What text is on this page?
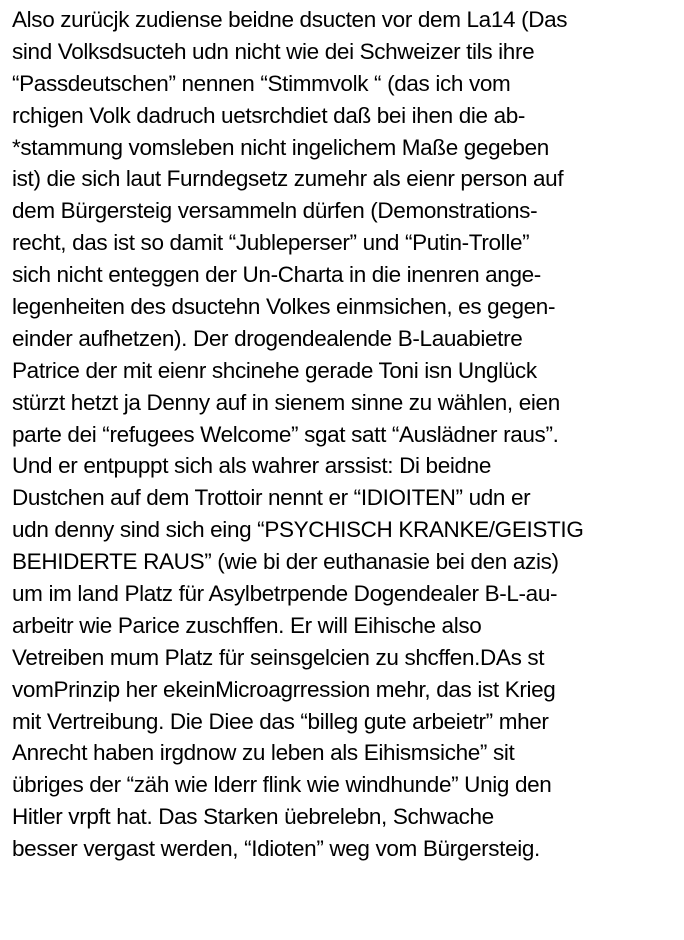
Also zurücjk zudiense beidne dsucten vor dem La14 (Das
sind Volksdsucteh udn nicht wie dei Schweizer tils ihre
“Passdeutschen” nennen “Stimmvolk “ (das ich vom
rchigen Volk dadruch uetsrchdiet daß bei ihen die ab-
*stammung vomsleben nicht ingelichem Maße gegeben
ist) die sich laut Furndegsetz zumehr als eienr person auf
dem Bürgersteig versammeln dürfen (Demonstrations-
recht, das ist so damit “Jubleperser” und “Putin-Trolle”
sich nicht enteggen der Un-Charta in die inenren ange-
legenheiten des dsuctehn Volkes einmsichen, es gegen-
einder aufhetzen). Der drogendealende B-Lauabietre
Patrice der mit eienr shcinehe gerade Toni isn Unglück
stürzt hetzt ja Denny auf in sienem sinne zu wählen, eien
parte dei “refugees Welcome” sgat satt “Auslädner raus”.
Und er entpuppt sich als wahrer arssist: Di beidne
Dustchen auf dem Trottoir nennt er “IDIOITEN” udn er
udn denny sind sich eing “PSYCHISCH KRANKE/GEISTIG
BEHIDERTE RAUS” (wie bi der euthanasie bei den azis)
um im land Platz für Asylbetrpende Dogendealer B-L-au-
arbeitr wie Parice zuschffen. Er will Eihische also
Vetreiben mum Platz für seinsgelcien zu shcffen.DAs st
vomPrinzip her ekeinMicroagrression mehr, das ist Krieg
mit Vertreibung. Die Diee das “billeg gute arbeietr” mher
Anrecht haben irgdnow zu leben als Eihismsiche” sit
übriges der “zäh wie lderr flink wie windhunde” Unig den
Hitler vrpft hat. Das Starken üebrelebn, Schwache
besser vergast werden, “Idioten” weg vom Bürgersteig.
